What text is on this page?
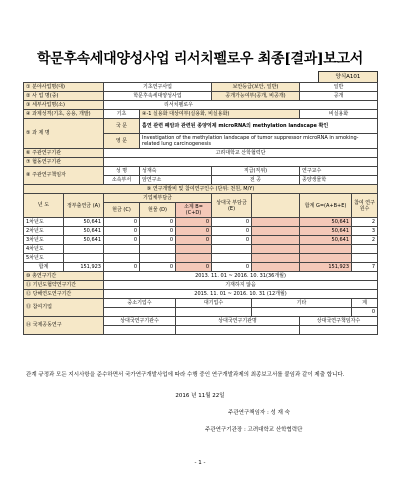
학문후속세대양성사업 리서치펠로우 최종[결과]보고서
양식A101
① 분야사업명(대)		기초연구사업			보안등급(보안, 일반)		일반		
② 사 업 명(중)		학문후속세대양성사업			공개가능여부(공개, 비공개)		공개		
③ 세부사업명(소)		리서치펠로우							
④ 과제성격(기초, 응용, 개발)		기초	④-1 실용화 대상여부(실용화, 비실용화)				비실용화		
⑤ 과 제 명		국 문	흡연 관련 폐암과 관련된 종양억제 microRNA의 methylation landscape 확인						
		영 문	Investigation of the methylation landscape of tumor suppressor microRNA in smoking-related lung carcinogenesis						
⑥ 주관연구기관		고려대학교 산학협력단							
⑦ 협동연구기관									
⑧ 주관연구책임자		성 명	성재숙		직급(직위)		연구교수		
		소속부서	암연구소		전 공		종양생물학		
⑨ 연구개발비 및 참여연구인수 (단위: 천원, M/Y)									
년 도	정부출연금 (A)	기업체부담금			상대국 부담금 (E)		합계 G=(A+B+E)	참여 연구원수	
		현금 (C)	현물 (D)	소계 B=(C+D)					
1차년도	50,641	0	0	0	0		50,641	2	
2차년도	50,641	0	0	0	0		50,641	3	
3차년도	50,641	0	0	0	0		50,641	2	
4차년도									
5차년도									
합계	151,923	0	0	0	0		151,923	7	
⑩ 총연구기간		2013. 11. 01 ~ 2016. 10. 31(36개월)							
⑪ 기년도협약연구기간		기재하지 않음							
⑫ 당해연도연구기간		2015. 11. 01 ~ 2016. 10. 31 (12개월)							
⑬ 참여기업		중소기업수		대기업수		기타		계	
								0	
⑭ 국제공동연구		상대국연구기관수		상대국연구기관명			상대국연구책임자수		

관계 규정과 모든 지시사항을 준수하면서 국가연구개발사업에 따라 수행 중인 연구개발과제의 최종보고서를 붙임과 같이 제출 합니다.
2016 년 11월 22일
주관연구책임자 : 성 재 숙
주관연구기관장 : 고려대학교 산학협력단
- 1 -
